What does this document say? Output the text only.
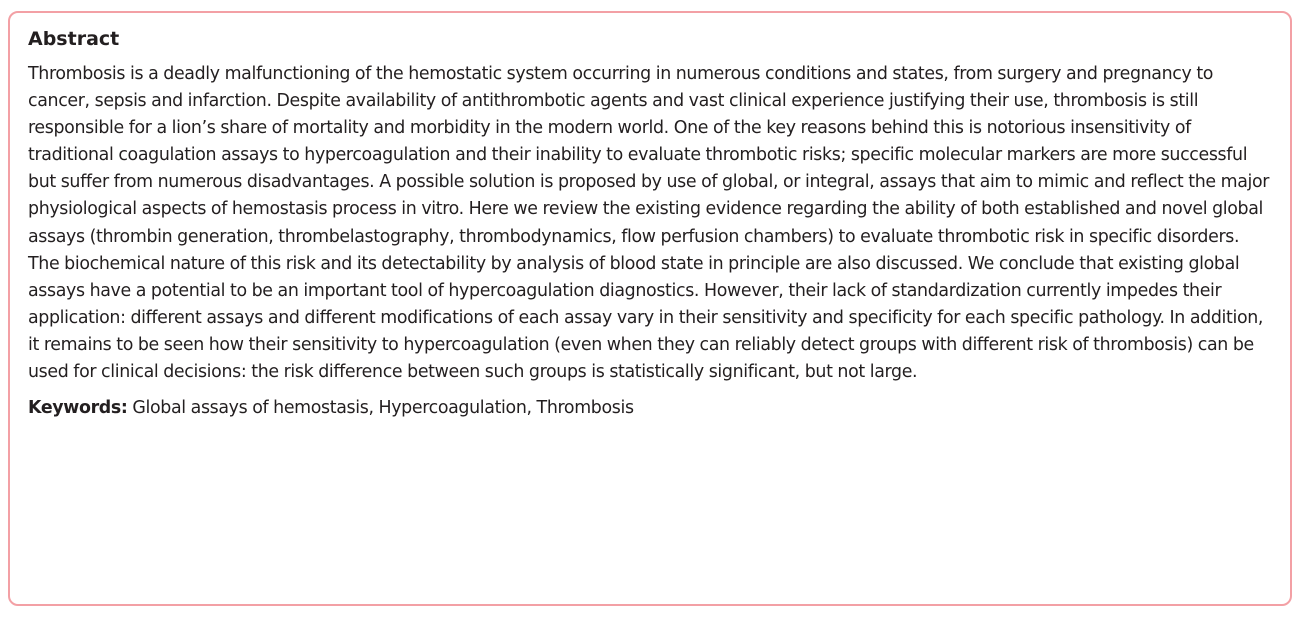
Abstract

Thrombosis is a deadly malfunctioning of the hemostatic system occurring in numerous conditions and states, from surgery and pregnancy to cancer, sepsis and infarction. Despite availability of antithrombotic agents and vast clinical experience justifying their use, thrombosis is still responsible for a lion’s share of mortality and morbidity in the modern world. One of the key reasons behind this is notorious insensitivity of traditional coagulation assays to hypercoagulation and their inability to evaluate thrombotic risks; specific molecular markers are more successful but suffer from numerous disadvantages. A possible solution is proposed by use of global, or integral, assays that aim to mimic and reflect the major physiological aspects of hemostasis process in vitro. Here we review the existing evidence regarding the ability of both established and novel global assays (thrombin generation, thrombelastography, thrombodynamics, flow perfusion chambers) to evaluate thrombotic risk in specific disorders. The biochemical nature of this risk and its detectability by analysis of blood state in principle are also discussed. We conclude that existing global assays have a potential to be an important tool of hypercoagulation diagnostics. However, their lack of standardization currently impedes their application: different assays and different modifications of each assay vary in their sensitivity and specificity for each specific pathology. In addition, it remains to be seen how their sensitivity to hypercoagulation (even when they can reliably detect groups with different risk of thrombosis) can be used for clinical decisions: the risk difference between such groups is statistically significant, but not large.

Keywords: Global assays of hemostasis, Hypercoagulation, Thrombosis
